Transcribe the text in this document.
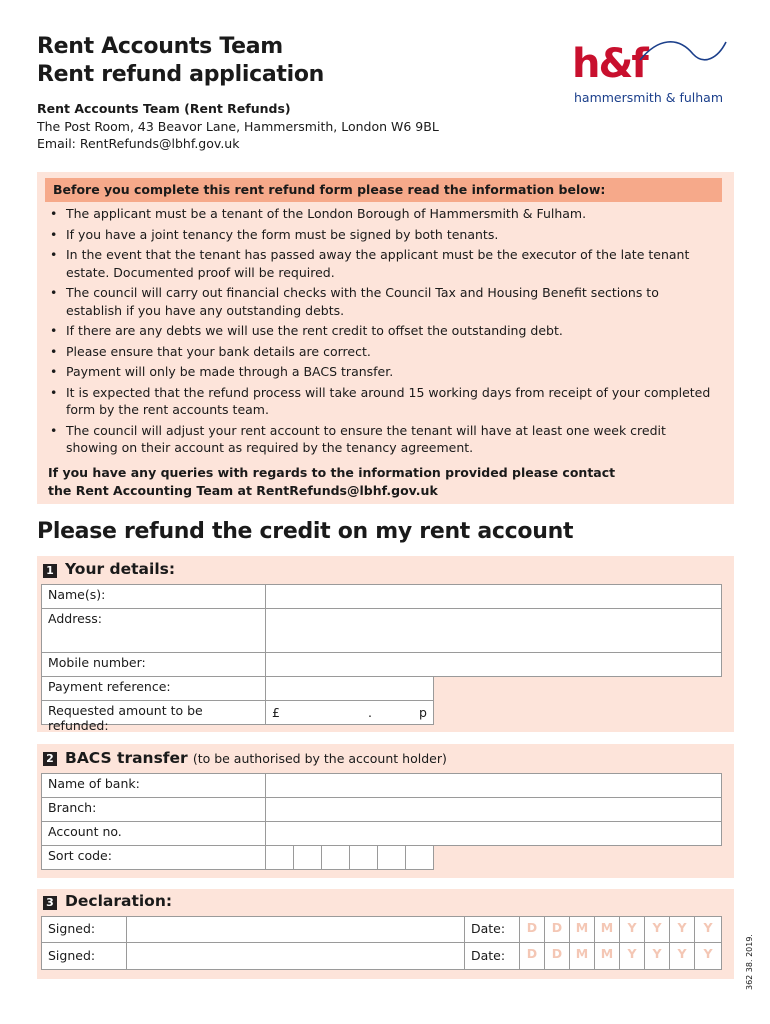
Rent Accounts Team
Rent refund application
Rent Accounts Team (Rent Refunds)
The Post Room, 43 Beavor Lane, Hammersmith, London W6 9BL
Email: RentRefunds@lbhf.gov.uk
h&f
hammersmith & fulham
Before you complete this rent refund form please read the information below:
• The applicant must be a tenant of the London Borough of Hammersmith & Fulham.
• If you have a joint tenancy the form must be signed by both tenants.
• In the event that the tenant has passed away the applicant must be the executor of the late tenant estate. Documented proof will be required.
• The council will carry out financial checks with the Council Tax and Housing Benefit sections to establish if you have any outstanding debts.
• If there are any debts we will use the rent credit to offset the outstanding debt.
• Please ensure that your bank details are correct.
• Payment will only be made through a BACS transfer.
• It is expected that the refund process will take around 15 working days from receipt of your completed form by the rent accounts team.
• The council will adjust your rent account to ensure the tenant will have at least one week credit showing on their account as required by the tenancy agreement.
If you have any queries with regards to the information provided please contact
the Rent Accounting Team at RentRefunds@lbhf.gov.uk
Please refund the credit on my rent account
1 Your details:
Name(s):
Address:
Mobile number:
Payment reference:
Requested amount to be refunded:
£	.	p
2 BACS transfer (to be authorised by the account holder)
Name of bank:
Branch:
Account no.
Sort code:
3 Declaration:
Signed:	Date:	D	D	M	M	Y	Y	Y	Y
Signed:	Date:	D	D	M	M	Y	Y	Y	Y	362 38. 2019.
